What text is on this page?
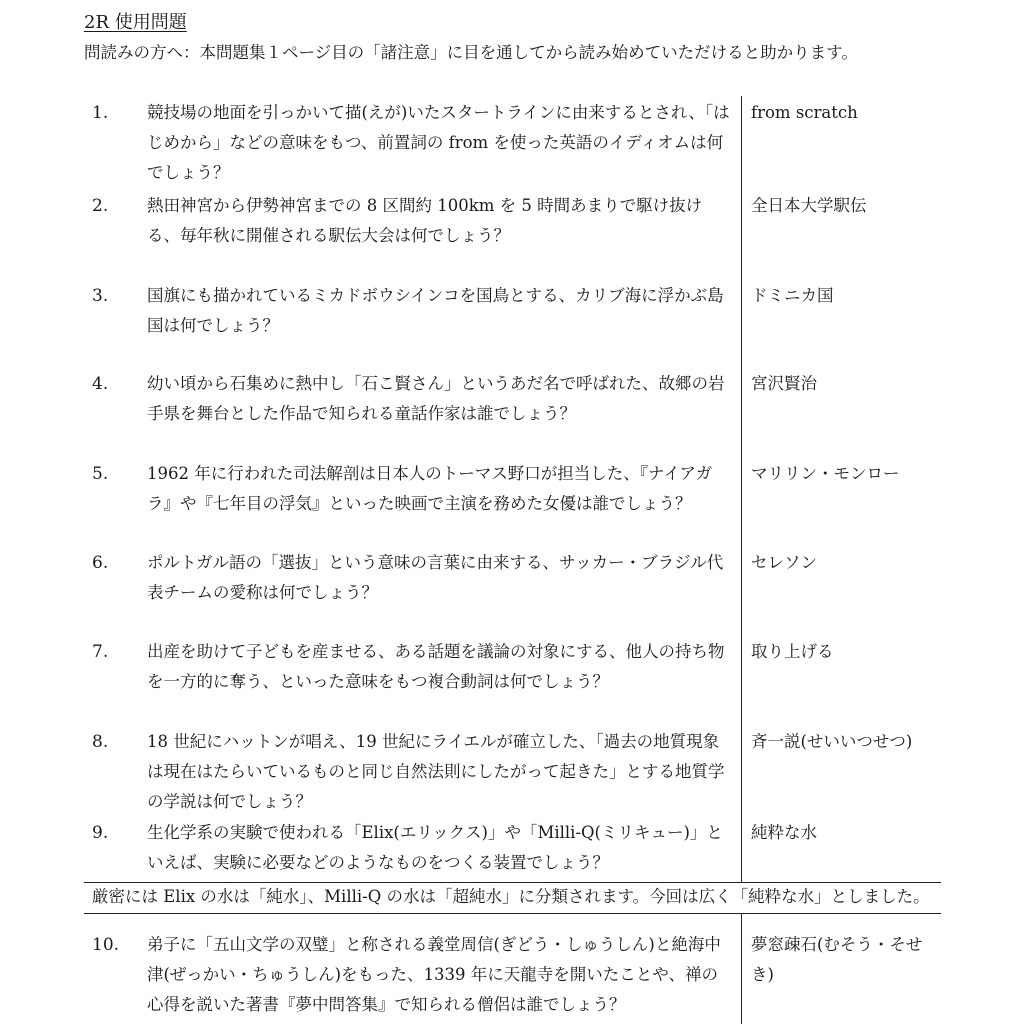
2R 使用問題
問読みの方へ：本問題集１ページ目の「諸注意」に目を通してから読み始めていただけると助かります。
1. 競技場の地面を引っかいて描(えが)いたスタートラインに由来するとされ、「はじめから」などの意味をもつ、前置詞の from を使った英語のイディオムは何でしょう？
from scratch
2. 熱田神宮から伊勢神宮までの 8 区間約 100km を 5 時間あまりで駆け抜ける、毎年秋に開催される駅伝大会は何でしょう？
全日本大学駅伝
3. 国旗にも描かれているミカドボウシインコを国鳥とする、カリブ海に浮かぶ島国は何でしょう？
ドミニカ国
4. 幼い頃から石集めに熱中し「石こ賢さん」というあだ名で呼ばれた、故郷の岩手県を舞台とした作品で知られる童話作家は誰でしょう？
宮沢賢治
5. 1962 年に行われた司法解剖は日本人のトーマス野口が担当した、『ナイアガラ』や『七年目の浮気』といった映画で主演を務めた女優は誰でしょう？
マリリン・モンロー
6. ポルトガル語の「選抜」という意味の言葉に由来する、サッカー・ブラジル代表チームの愛称は何でしょう？
セレソン
7. 出産を助けて子どもを産ませる、ある話題を議論の対象にする、他人の持ち物を一方的に奪う、といった意味をもつ複合動詞は何でしょう？
取り上げる
8. 18 世紀にハットンが唱え、19 世紀にライエルが確立した、「過去の地質現象は現在はたらいているものと同じ自然法則にしたがって起きた」とする地質学の学説は何でしょう？
斉一説(せいいつせつ)
9. 生化学系の実験で使われる「Elix(エリックス)」や「Milli-Q(ミリキュー)」といえば、実験に必要などのようなものをつくる装置でしょう？
純粋な水
厳密には Elix の水は「純水」、Milli-Q の水は「超純水」に分類されます。今回は広く「純粋な水」としました。
10. 弟子に「五山文学の双璧」と称される義堂周信(ぎどう・しゅうしん)と絶海中津(ぜっかい・ちゅうしん)をもった、1339 年に天龍寺を開いたことや、禅の心得を説いた著書『夢中問答集』で知られる僧侶は誰でしょう？
夢窓疎石(むそう・そせき)
